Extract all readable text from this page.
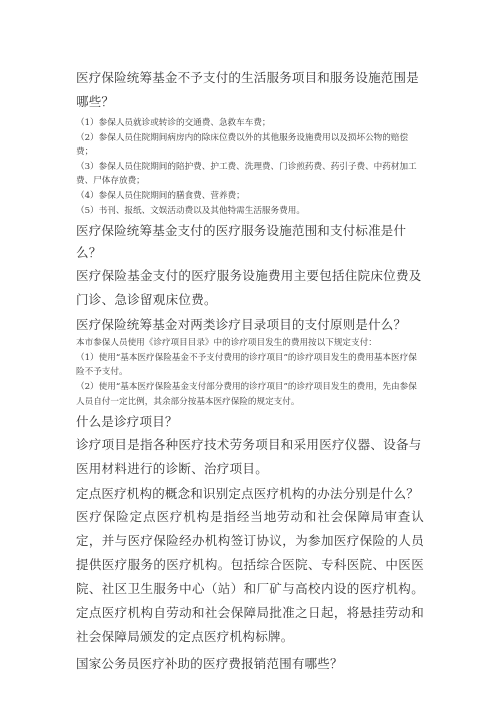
医疗保险统筹基金不予支付的生活服务项目和服务设施范围是哪些？

（1）参保人员就诊或转诊的交通费、急救车车费；

（2）参保人员住院期间病房内的除床位费以外的其他服务设施费用以及损坏公物的赔偿费；

（3）参保人员住院期间的陪护费、护工费、洗理费、门诊煎药费、药引子费、中药材加工费、尸体存放费；

（4）参保人员住院期间的膳食费、营养费；

（5）书刊、报纸、文娱活动费以及其他特需生活服务费用。

医疗保险统筹基金支付的医疗服务设施范围和支付标准是什么？

医疗保险基金支付的医疗服务设施费用主要包括住院床位费及门诊、急诊留观床位费。

医疗保险统筹基金对两类诊疗目录项目的支付原则是什么？

本市参保人员使用《诊疗项目目录》中的诊疗项目发生的费用按以下规定支付：

（1）使用“基本医疗保险基金不予支付费用的诊疗项目”的诊疗项目发生的费用基本医疗保险不予支付。

（2）使用“基本医疗保险基金支付部分费用的诊疗项目”的诊疗项目发生的费用，先由参保人员自付一定比例，其余部分按基本医疗保险的规定支付。

什么是诊疗项目？

诊疗项目是指各种医疗技术劳务项目和采用医疗仪器、设备与医用材料进行的诊断、治疗项目。

定点医疗机构的概念和识别定点医疗机构的办法分别是什么？

医疗保险定点医疗机构是指经当地劳动和社会保障局审查认定，并与医疗保险经办机构签订协议，为参加医疗保险的人员提供医疗服务的医疗机构。包括综合医院、专科医院、中医医院、社区卫生服务中心（站）和厂矿与高校内设的医疗机构。定点医疗机构自劳动和社会保障局批准之日起，将悬挂劳动和社会保障局颁发的定点医疗机构标牌。

国家公务员医疗补助的医疗费报销范围有哪些？
